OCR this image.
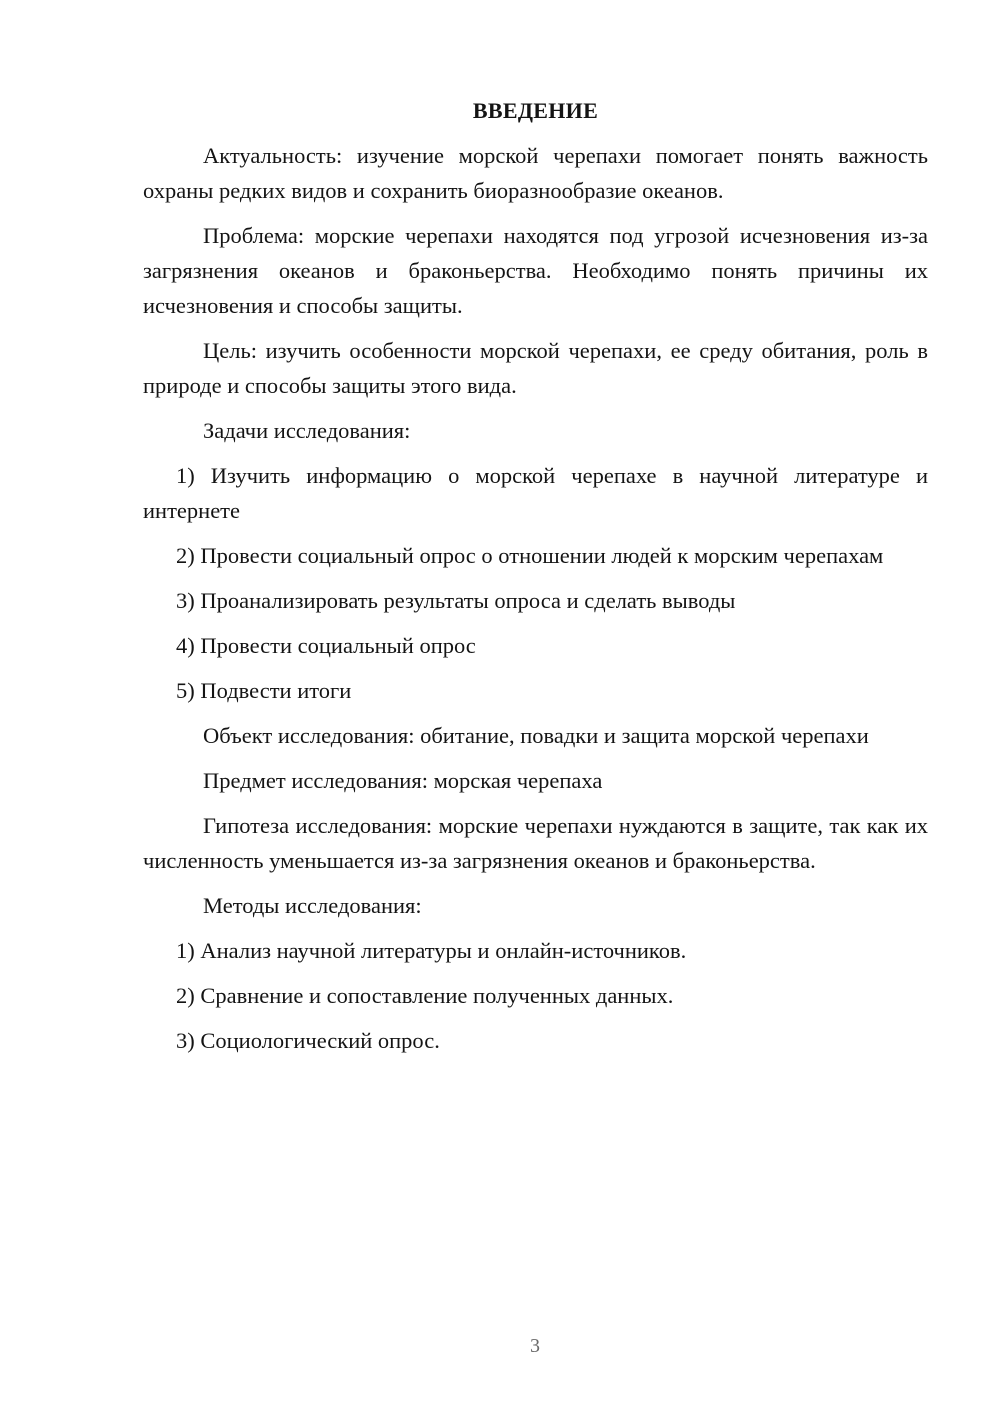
ВВЕДЕНИЕ

Актуальность: изучение морской черепахи помогает понять важность охраны редких видов и сохранить биоразнообразие океанов.

Проблема: морские черепахи находятся под угрозой исчезновения из-за загрязнения океанов и браконьерства. Необходимо понять причины их исчезновения и способы защиты.

Цель: изучить особенности морской черепахи, ее среду обитания, роль в природе и способы защиты этого вида.

Задачи исследования:

1) Изучить информацию о морской черепахе в научной литературе и интернете

2) Провести социальный опрос о отношении людей к морским черепахам

3) Проанализировать результаты опроса и сделать выводы

4) Провести социальный опрос

5) Подвести итоги

Объект исследования: обитание, повадки и защита морской черепахи

Предмет исследования: морская черепаха

Гипотеза исследования: морские черепахи нуждаются в защите, так как их численность уменьшается из-за загрязнения океанов и браконьерства.

Методы исследования:

1) Анализ научной литературы и онлайн-источников.

2) Сравнение и сопоставление полученных данных.

3) Социологический опрос.

3
